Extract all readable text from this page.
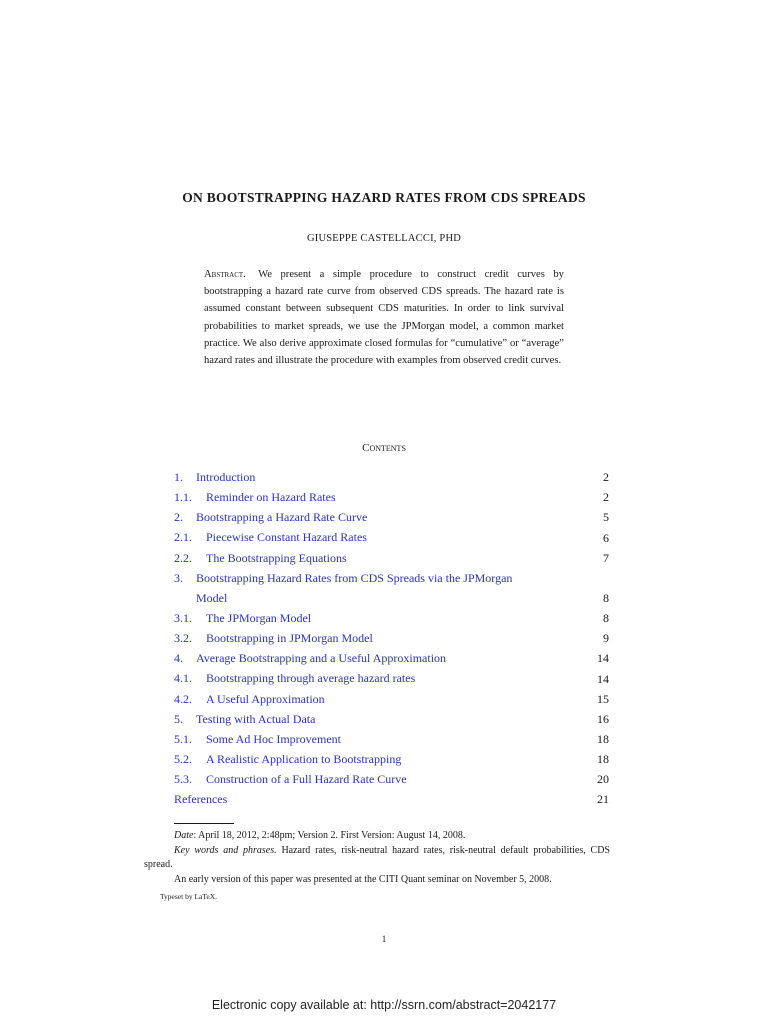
ON BOOTSTRAPPING HAZARD RATES FROM CDS SPREADS
GIUSEPPE CASTELLACCI, PHD
Abstract. We present a simple procedure to construct credit curves by bootstrapping a hazard rate curve from observed CDS spreads. The hazard rate is assumed constant between subsequent CDS maturities. In order to link survival probabilities to market spreads, we use the JPMorgan model, a common market practice. We also derive approximate closed formulas for “cumulative” or “average” hazard rates and illustrate the procedure with examples from observed credit curves.
Contents
1. Introduction	2
1.1. Reminder on Hazard Rates	2
2. Bootstrapping a Hazard Rate Curve	5
2.1. Piecewise Constant Hazard Rates	6
2.2. The Bootstrapping Equations	7
3. Bootstrapping Hazard Rates from CDS Spreads via the JPMorgan
Model	8
3.1. The JPMorgan Model	8
3.2. Bootstrapping in JPMorgan Model	9
4. Average Bootstrapping and a Useful Approximation	14
4.1. Bootstrapping through average hazard rates	14
4.2. A Useful Approximation	15
5. Testing with Actual Data	16
5.1. Some Ad Hoc Improvement	18
5.2. A Realistic Application to Bootstrapping	18
5.3. Construction of a Full Hazard Rate Curve	20
References	21
Date: April 18, 2012, 2:48pm; Version 2. First Version: August 14, 2008.
Key words and phrases. Hazard rates, risk-neutral hazard rates, risk-neutral default probabilities, CDS spread.
An early version of this paper was presented at the CITI Quant seminar on November 5, 2008.
Typeset by LaTeX.
1
Electronic copy available at: http://ssrn.com/abstract=2042177
